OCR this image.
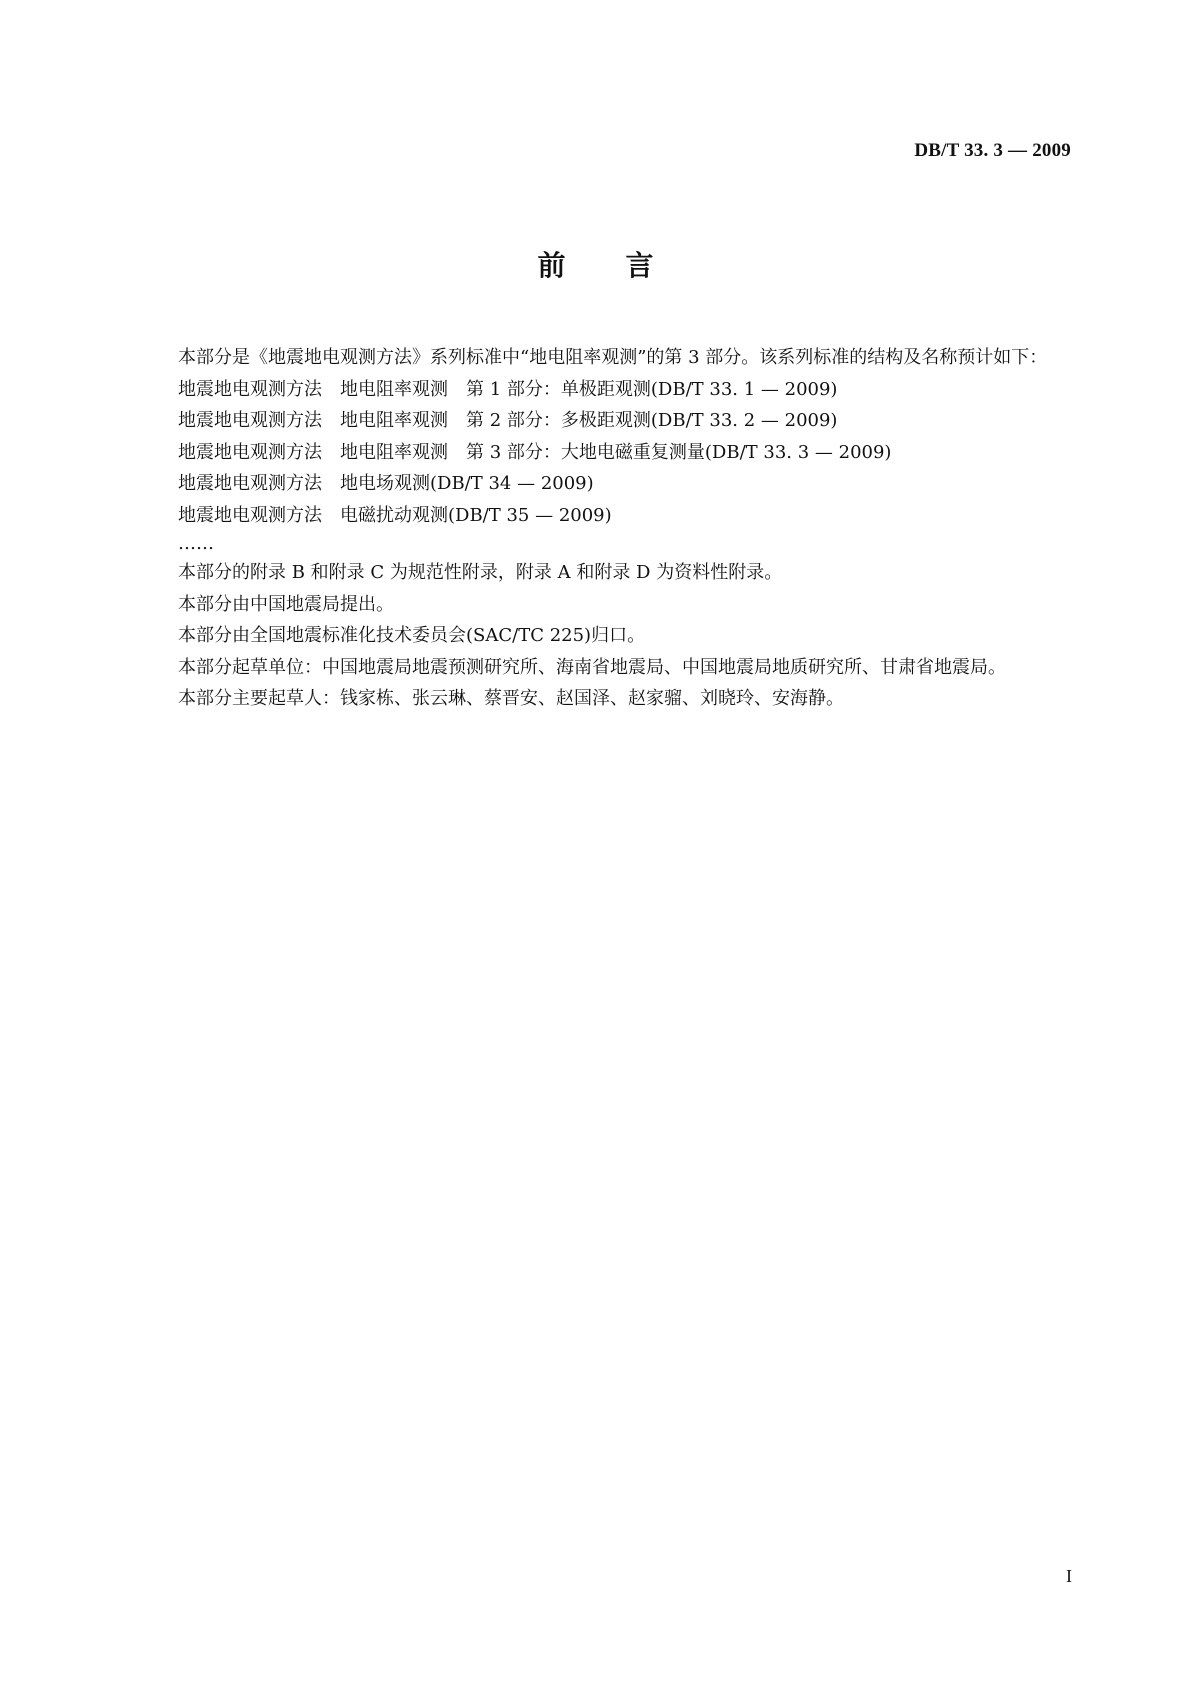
DB/T 33. 3 — 2009
前言

本部分是《地震地电观测方法》系列标准中“地电阻率观测”的第 3 部分。该系列标准的结构及名称预计如下：

地震地电观测方法 地电阻率观测 第 1 部分：单极距观测(DB/T 33. 1 — 2009)

地震地电观测方法 地电阻率观测 第 2 部分：多极距观测(DB/T 33. 2 — 2009)

地震地电观测方法 地电阻率观测 第 3 部分：大地电磁重复测量(DB/T 33. 3 — 2009)

地震地电观测方法 地电场观测(DB/T 34 — 2009)

地震地电观测方法 电磁扰动观测(DB/T 35 — 2009)

……

本部分的附录 B 和附录 C 为规范性附录，附录 A 和附录 D 为资料性附录。

本部分由中国地震局提出。

本部分由全国地震标准化技术委员会(SAC/TC 225)归口。

本部分起草单位：中国地震局地震预测研究所、海南省地震局、中国地震局地质研究所、甘肃省地震局。

本部分主要起草人：钱家栋、张云琳、蔡晋安、赵国泽、赵家骝、刘晓玲、安海静。

I
